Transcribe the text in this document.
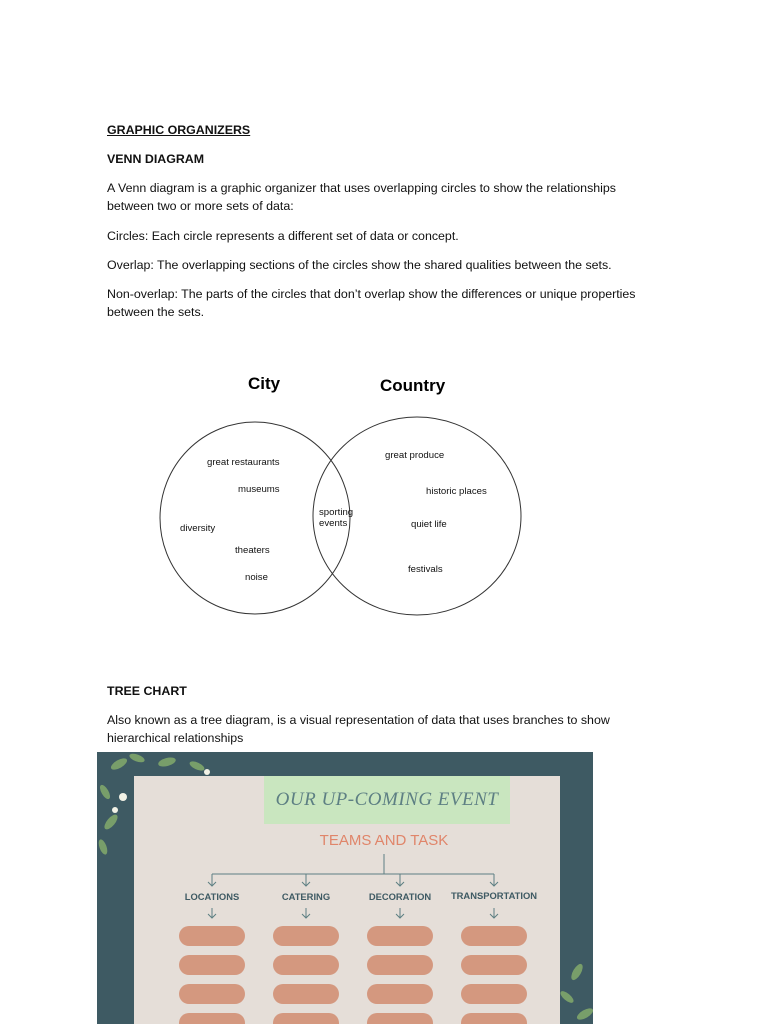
GRAPHIC ORGANIZERS
VENN DIAGRAM
A Venn diagram is a graphic organizer that uses overlapping circles to show the relationships
between two or more sets of data:
Circles: Each circle represents a different set of data or concept.
Overlap: The overlapping sections of the circles show the shared qualities between the sets.
Non-overlap: The parts of the circles that don’t overlap show the differences or unique properties
between the sets.
City	Country
great restaurants
museums
diversity
theaters
noise
sporting
events
great produce
historic places
quiet life
festivals
TREE CHART
Also known as a tree diagram, is a visual representation of data that uses branches to show
hierarchical relationships
OUR UP-COMING EVENT
TEAMS AND TASK
LOCATIONS	CATERING	DECORATION	TRANSPORTATION
